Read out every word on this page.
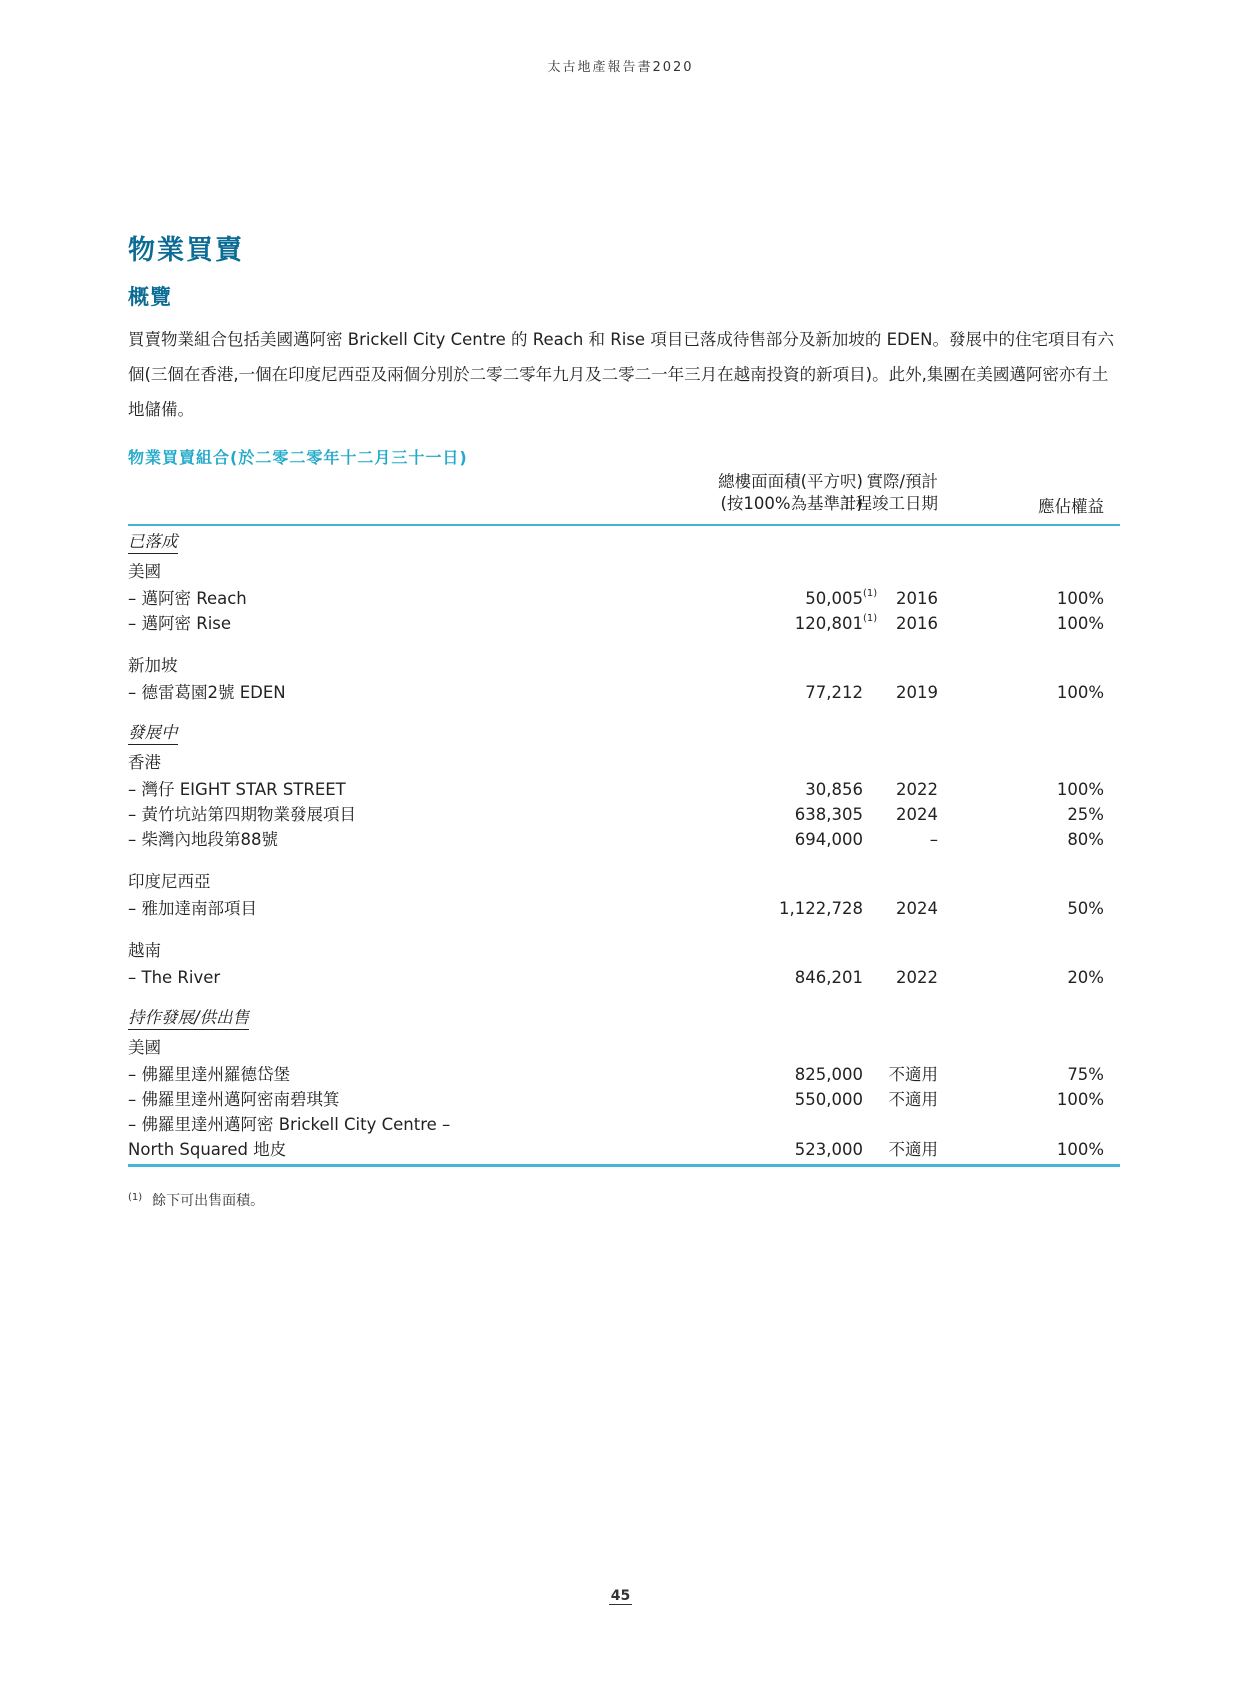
太古地產報告書2020
物業買賣
概覽

買賣物業組合包括美國邁阿密 Brickell City Centre 的 Reach 和 Rise 項目已落成待售部分及新加坡的 EDEN。發展中的住宅項目有六個(三個在香港,一個在印度尼西亞及兩個分別於二零二零年九月及二零二一年三月在越南投資的新項目)。此外,集團在美國邁阿密亦有土地儲備。

物業買賣組合(於二零二零年十二月三十一日)
總樓面面積(平方呎)
(按100%為基準計)
實際/預計
工程竣工日期	應佔權益
已落成
美國
– 邁阿密 Reach	50,005 (1) 2016	100%
– 邁阿密 Rise	120,801 (1) 2016	100%
新加坡
– 德雷葛園2號 EDEN	77,212 2019	100%
發展中
香港
– 灣仔 EIGHT STAR STREET	30,856 2022	100%
– 黃竹坑站第四期物業發展項目	638,305 2024	25%
– 柴灣內地段第88號	694,000	–	80%
印度尼西亞
– 雅加達南部項目	1,122,728 2024	50%
越南
– The River	846,201 2022	20%
持作發展/供出售
美國
– 佛羅里達州羅德岱堡	825,000 不適用	75%
– 佛羅里達州邁阿密南碧琪箕	550,000 不適用	100%
– 佛羅里達州邁阿密 Brickell City Centre –
North Squared 地皮	523,000 不適用	100%
$^{(1)}$ 餘下可出售面積。
45
